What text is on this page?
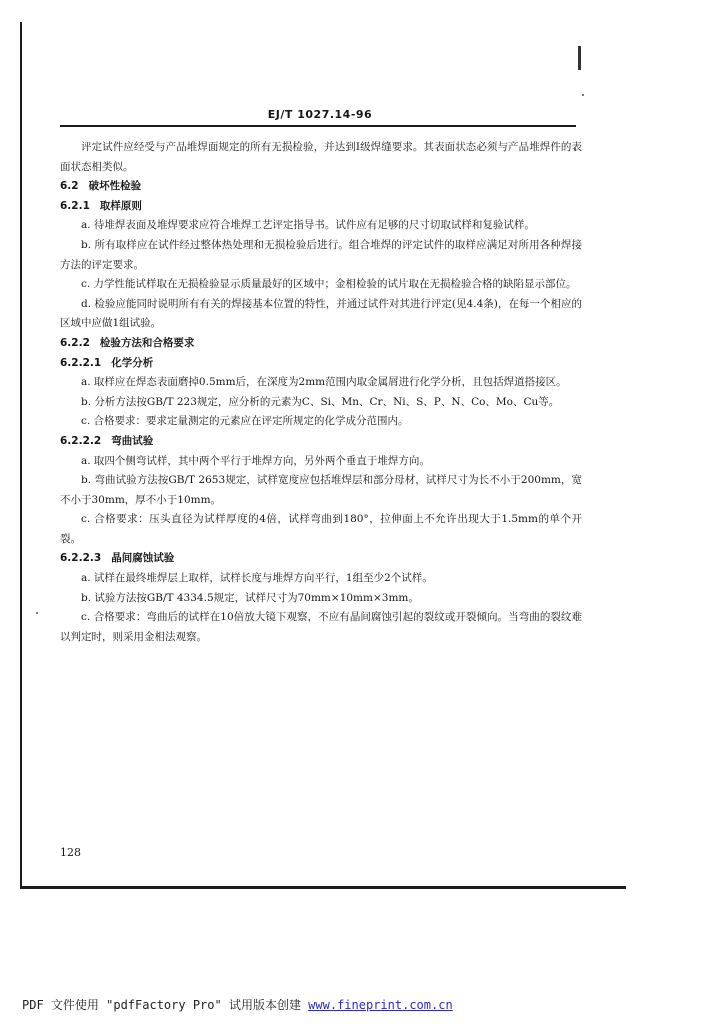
EJ/T 1027.14-96

评定试件应经受与产品堆焊面规定的所有无损检验，并达到Ⅰ级焊缝要求。其表面状态必须与产品堆焊件的表面状态相类似。

6.2 破坏性检验

6.2.1 取样原则

a. 待堆焊表面及堆焊要求应符合堆焊工艺评定指导书。试件应有足够的尺寸切取试样和复验试样。

b. 所有取样应在试件经过整体热处理和无损检验后进行。组合堆焊的评定试件的取样应满足对所用各种焊接方法的评定要求。

c. 力学性能试样取在无损检验显示质量最好的区域中；金相检验的试片取在无损检验合格的缺陷显示部位。

d. 检验应能同时说明所有有关的焊接基本位置的特性，并通过试件对其进行评定(见4.4条)，在每一个相应的区域中应做1组试验。

6.2.2 检验方法和合格要求

6.2.2.1 化学分析

a. 取样应在焊态表面磨掉0.5mm后，在深度为2mm范围内取金属屑进行化学分析，且包括焊道搭接区。

b. 分析方法按GB/T 223规定，应分析的元素为C、Si、Mn、Cr、Ni、S、P、N、Co、Mo、Cu等。

c. 合格要求：要求定量测定的元素应在评定所规定的化学成分范围内。

6.2.2.2 弯曲试验

a. 取四个侧弯试样，其中两个平行于堆焊方向，另外两个垂直于堆焊方向。

b. 弯曲试验方法按GB/T 2653规定，试样宽度应包括堆焊层和部分母材，试样尺寸为长不小于200mm，宽不小于30mm，厚不小于10mm。

c. 合格要求：压头直径为试样厚度的4倍，试样弯曲到180°，拉伸面上不允许出现大于1.5mm的单个开裂。

6.2.2.3 晶间腐蚀试验

a. 试样在最终堆焊层上取样，试样长度与堆焊方向平行，1组至少2个试样。

b. 试验方法按GB/T 4334.5规定，试样尺寸为70mm×10mm×3mm。

c. 合格要求：弯曲后的试样在10倍放大镜下观察，不应有晶间腐蚀引起的裂纹或开裂倾向。当弯曲的裂纹难以判定时，则采用金相法观察。

128
PDF 文件使用 "pdfFactory Pro" 试用版本创建 www.fineprint.com.cn
